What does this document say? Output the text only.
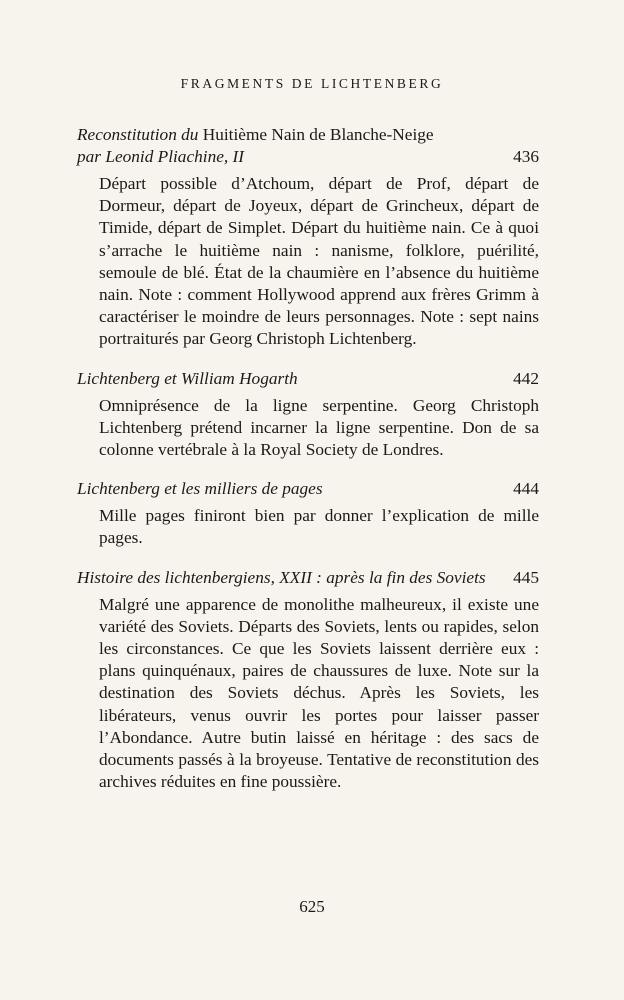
FRAGMENTS DE LICHTENBERG
Reconstitution du Huitième Nain de Blanche-Neige
par Leonid Pliachine, II	436
Départ possible d’Atchoum, départ de Prof, départ de Dormeur, départ de Joyeux, départ de Grincheux, départ de Timide, départ de Simplet. Départ du huitième nain. Ce à quoi s’arrache le huitième nain : nanisme, folklore, puérilité, semoule de blé. État de la chaumière en l’absence du huitième nain. Note : comment Hollywood apprend aux frères Grimm à caractériser le moindre de leurs personnages. Note : sept nains portraiturés par Georg Christoph Lichtenberg.
Lichtenberg et William Hogarth	442
Omniprésence de la ligne serpentine. Georg Christoph Lichtenberg prétend incarner la ligne serpentine. Don de sa colonne vertébrale à la Royal Society de Londres.
Lichtenberg et les milliers de pages	444
Mille pages finiront bien par donner l’explication de mille pages.
Histoire des lichtenbergiens, XXII : après la fin des Soviets	445
Malgré une apparence de monolithe malheureux, il existe une variété des Soviets. Départs des Soviets, lents ou rapides, selon les circonstances. Ce que les Soviets laissent derrière eux : plans quinquénaux, paires de chaussures de luxe. Note sur la destination des Soviets déchus. Après les Soviets, les libérateurs, venus ouvrir les portes pour laisser passer l’Abondance. Autre butin laissé en héritage : des sacs de documents passés à la broyeuse. Tentative de reconstitution des archives réduites en fine poussière.
625
